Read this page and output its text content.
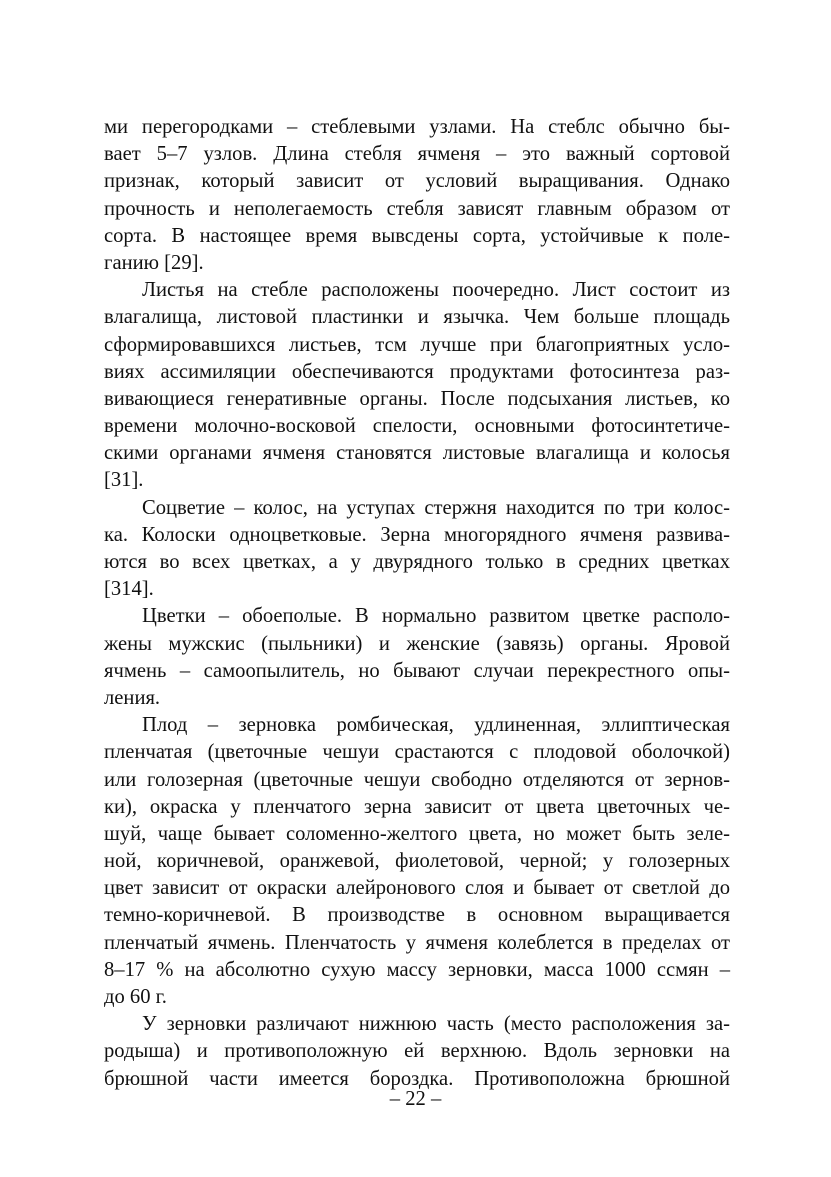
ми перегородками – стеблевыми узлами. На стеблс обычно бы-
вает 5–7 узлов. Длина стебля ячменя – это важный сортовой
признак, который зависит от условий выращивания. Однако
прочность и неполегаемость стебля зависят главным образом от
сорта. В настоящее время вывсдены сорта, устойчивые к поле-
ганию [29].
Листья на стебле расположены поочередно. Лист состоит из
влагалища, листовой пластинки и язычка. Чем больше площадь
сформировавшихся листьев, тсм лучше при благоприятных усло-
виях ассимиляции обеспечиваются продуктами фотосинтеза раз-
вивающиеся генеративные органы. После подсыхания листьев, ко
времени молочно-восковой спелости, основными фотосинтетиче-
скими органами ячменя становятся листовые влагалища и колосья
[31].
Соцветие – колос, на уступах стержня находится по три колос-
ка. Колоски одноцветковые. Зерна многорядного ячменя развива-
ются во всех цветках, а у двурядного только в средних цветках
[314].
Цветки – обоеполые. В нормально развитом цветке располо-
жены мужскис (пыльники) и женские (завязь) органы. Яровой
ячмень – самоопылитель, но бывают случаи перекрестного опы-
ления.
Плод – зерновка ромбическая, удлиненная, эллиптическая
пленчатая (цветочные чешуи срастаются с плодовой оболочкой)
или голозерная (цветочные чешуи свободно отделяются от зернов-
ки), окраска у пленчатого зерна зависит от цвета цветочных че-
шуй, чаще бывает соломенно-желтого цвета, но может быть зеле-
ной, коричневой, оранжевой, фиолетовой, черной; у голозерных
цвет зависит от окраски алейронового слоя и бывает от светлой до
темно-коричневой. В производстве в основном выращивается
пленчатый ячмень. Пленчатость у ячменя колеблется в пределах от
8–17 % на абсолютно сухую массу зерновки, масса 1000 ссмян –
до 60 г.
У зерновки различают нижнюю часть (место расположения за-
родыша) и противоположную ей верхнюю. Вдоль зерновки на
брюшной части имеется бороздка. Противоположна брюшной
– 22 –
